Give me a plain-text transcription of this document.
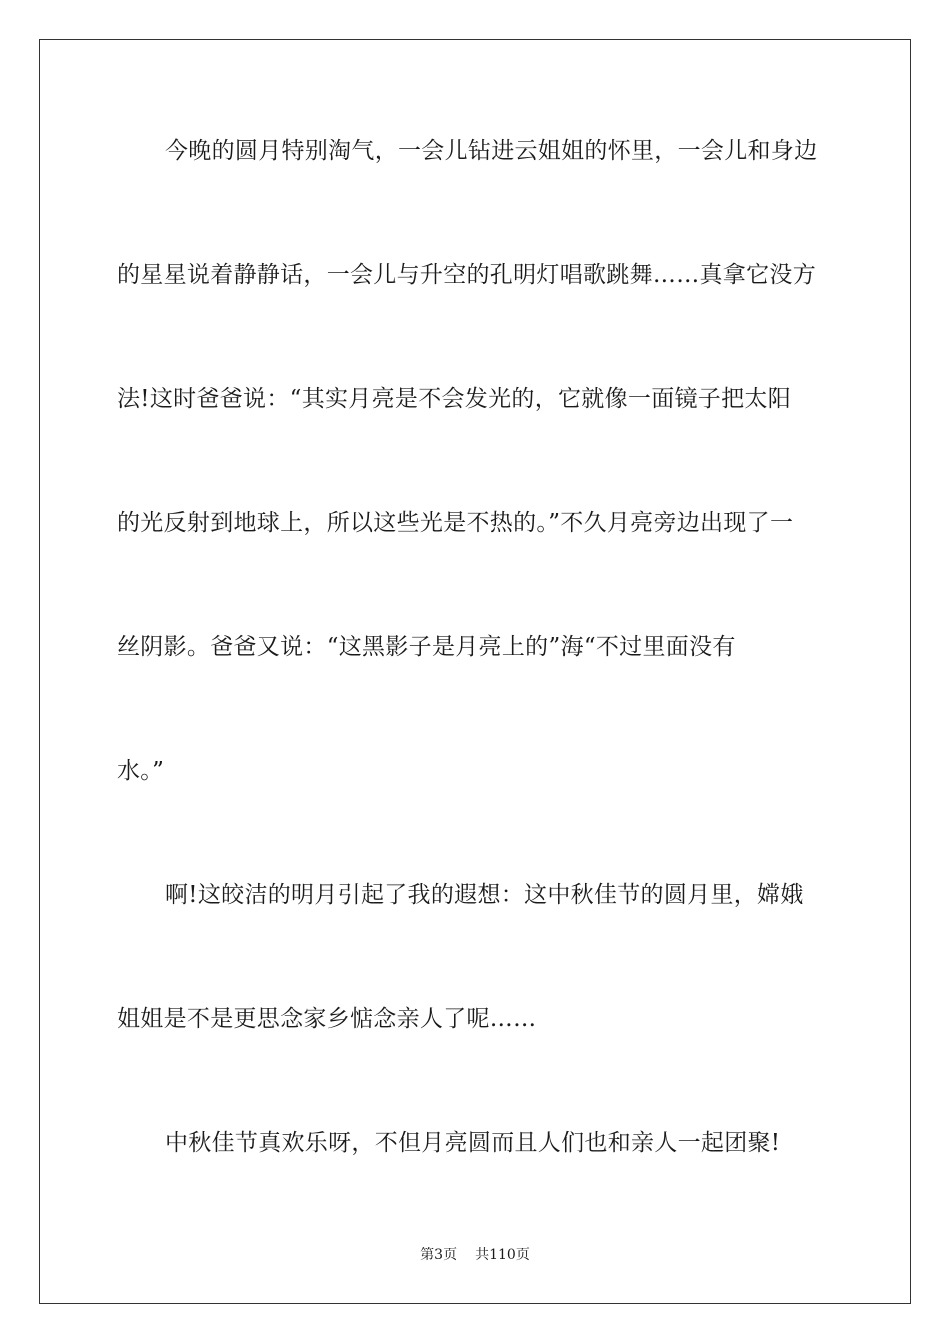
今晚的圆月特别淘气，一会儿钻进云姐姐的怀里，一会儿和身边
的星星说着静静话，一会儿与升空的孔明灯唱歌跳舞……真拿它没方
法!这时爸爸说：“其实月亮是不会发光的，它就像一面镜子把太阳
的光反射到地球上，所以这些光是不热的。”不久月亮旁边出现了一
丝阴影。爸爸又说：“这黑影子是月亮上的”海“不过里面没有
水。”
啊!这皎洁的明月引起了我的遐想：这中秋佳节的圆月里，嫦娥
姐姐是不是更思念家乡惦念亲人了呢……
中秋佳节真欢乐呀，不但月亮圆而且人们也和亲人一起团聚!
第3页 共110页
